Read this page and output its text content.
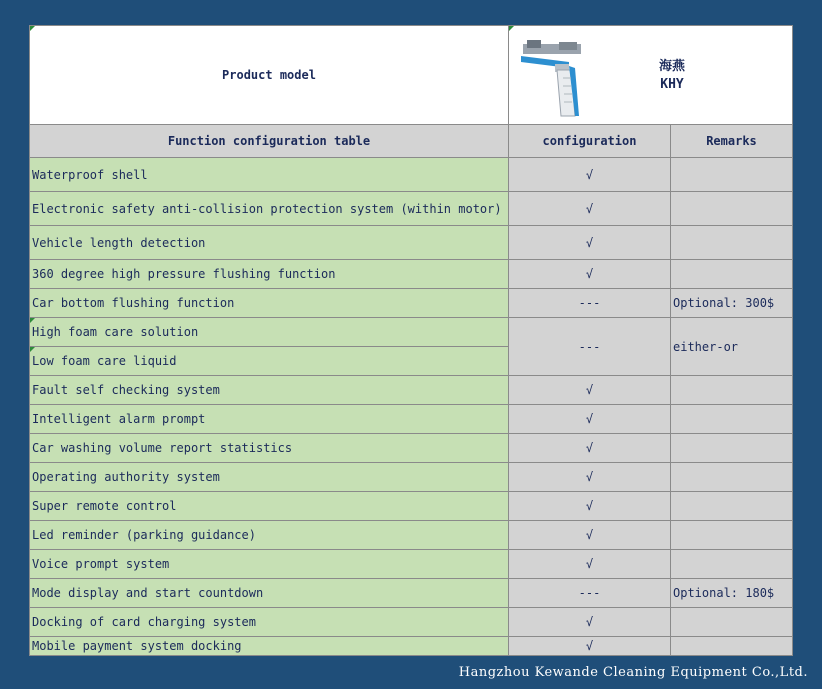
Product model	海燕
KHY	

Function configuration table	configuration	Remarks
Waterproof shell	√	
Electronic safety anti-collision protection system (within motor)	√	
Vehicle length detection	√	
360 degree high pressure flushing function	√	
Car bottom flushing function	---	Optional: 300$
High foam care solution	---	either-or
Low foam care liquid		
Fault self checking system	√	
Intelligent alarm prompt	√	
Car washing volume report statistics	√	
Operating authority system	√	
Super remote control	√	
Led reminder (parking guidance)	√	
Voice prompt system	√	
Mode display and start countdown	---	Optional: 180$
Docking of card charging system	√	
Mobile payment system docking	√	
Hangzhou Kewande Cleaning Equipment Co.,Ltd.
